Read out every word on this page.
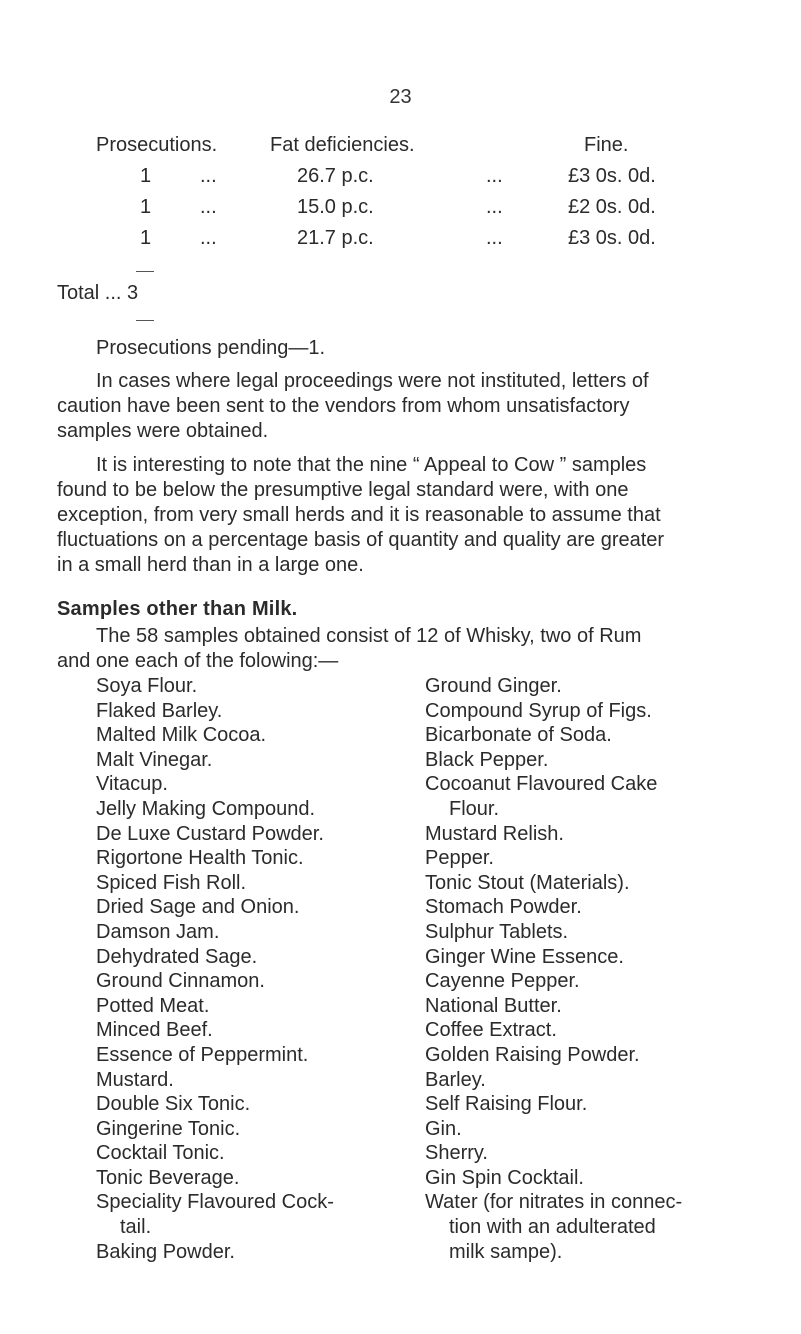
23
Prosecutions.	Fat deficiencies.	Fine.
1 ...	26.7 p.c.	...	£3 0s. 0d.
1 ...	15.0 p.c.	...	£2 0s. 0d.
1 ...	21.7 p.c.	...	£3 0s. 0d.
Total ... 3
Prosecutions pending—1.
In cases where legal proceedings were not instituted, letters of
caution have been sent to the vendors from whom unsatisfactory
samples were obtained.
It is interesting to note that the nine “ Appeal to Cow ” samples
found to be below the presumptive legal standard were, with one
exception, from very small herds and it is reasonable to assume that
fluctuations on a percentage basis of quantity and quality are greater
in a small herd than in a large one.
Samples other than Milk.
The 58 samples obtained consist of 12 of Whisky, two of Rum
and one each of the folowing:—
Soya Flour.
Flaked Barley.
Malted Milk Cocoa.
Malt Vinegar.
Vitacup.
Jelly Making Compound.
De Luxe Custard Powder.
Rigortone Health Tonic.
Spiced Fish Roll.
Dried Sage and Onion.
Damson Jam.
Dehydrated Sage.
Ground Cinnamon.
Potted Meat.
Minced Beef.
Essence of Peppermint.
Mustard.
Double Six Tonic.
Gingerine Tonic.
Cocktail Tonic.
Tonic Beverage.
Speciality Flavoured Cock-
tail.
Baking Powder.
Ground Ginger.
Compound Syrup of Figs.
Bicarbonate of Soda.
Black Pepper.
Cocoanut Flavoured Cake
Flour.
Mustard Relish.
Pepper.
Tonic Stout (Materials).
Stomach Powder.
Sulphur Tablets.
Ginger Wine Essence.
Cayenne Pepper.
National Butter.
Coffee Extract.
Golden Raising Powder.
Barley.
Self Raising Flour.
Gin.
Sherry.
Gin Spin Cocktail.
Water (for nitrates in connec-
tion with an adulterated
milk sampe).
